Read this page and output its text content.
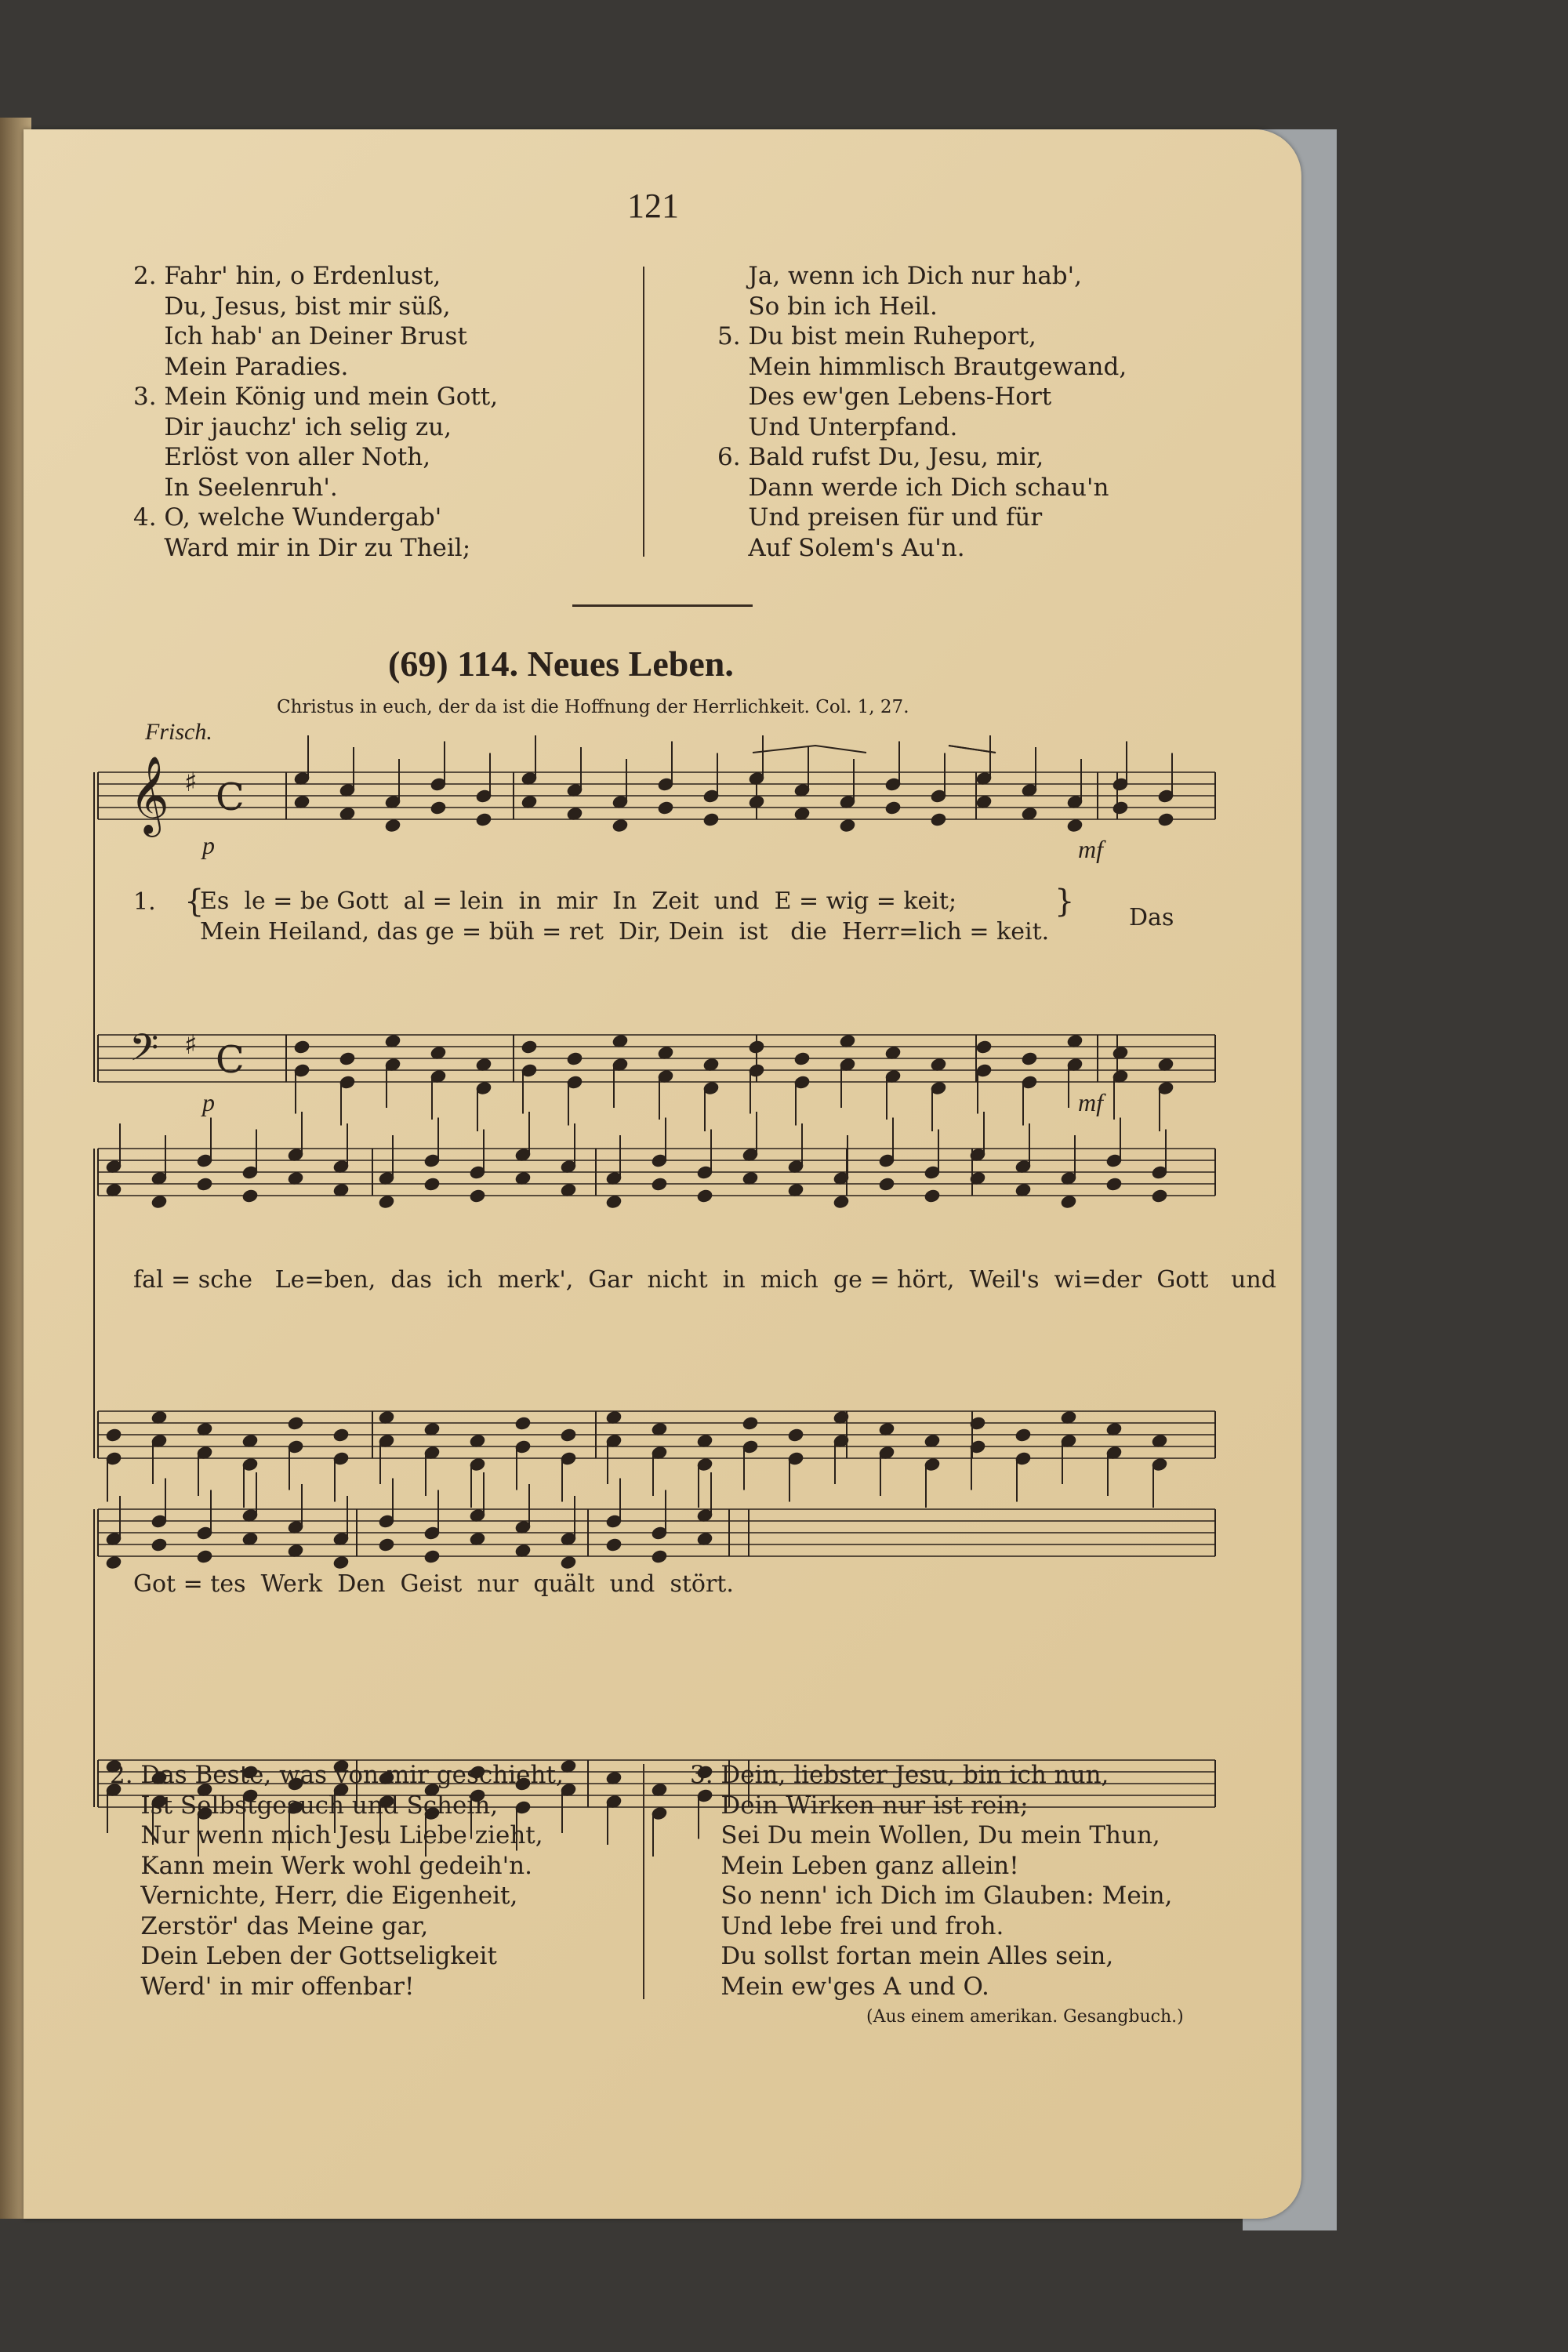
121
2. Fahr' hin, o Erdenlust,
Du, Jesus, bist mir süß,
Ich hab' an Deiner Brust
Mein Paradies.
3. Mein König und mein Gott,
Dir jauchz' ich selig zu,
Erlöst von aller Noth,
In Seelenruh'.
4. O, welche Wundergab'
Ward mir in Dir zu Theil;
Ja, wenn ich Dich nur hab',
So bin ich Heil.
5. Du bist mein Ruheport,
Mein himmlisch Brautgewand,
Des ew'gen Lebens-Hort
Und Unterpfand.
6. Bald rufst Du, Jesu, mir,
Dann werde ich Dich schau'n
Und preisen für und für
Auf Solem's Au'n.
(69) 114. Neues Leben.
Christus in euch, der da ist die Hoffnung der Herrlichkeit. Col. 1, 27.
Frisch.
𝄞 ♯ C
𝄢 ♯ C
p	mf
1. {
Es  le = be Gott  al = lein  in  mir  In  Zeit  und  E = wig = keit;
Mein Heiland, das ge = büh = ret  Dir, Dein  ist   die  Herr=lich = keit.
} Das
p	mf
fal = sche   Le=ben,  das  ich  merk',  Gar  nicht  in  mich  ge = hört,  Weil's  wi=der  Gott   und
Got = tes  Werk  Den  Geist  nur  quält  und  stört.
2. Das Beste, was von mir geschieht,
Ist Selbstgesuch und Schein,
Nur wenn mich Jesu Liebe zieht,
Kann mein Werk wohl gedeih'n.
Vernichte, Herr, die Eigenheit,
Zerstör' das Meine gar,
Dein Leben der Gottseligkeit
Werd' in mir offenbar!
3. Dein, liebster Jesu, bin ich nun,
Dein Wirken nur ist rein;
Sei Du mein Wollen, Du mein Thun,
Mein Leben ganz allein!
So nenn' ich Dich im Glauben: Mein,
Und lebe frei und froh.
Du sollst fortan mein Alles sein,
Mein ew'ges A und O.
(Aus einem amerikan. Gesangbuch.)
